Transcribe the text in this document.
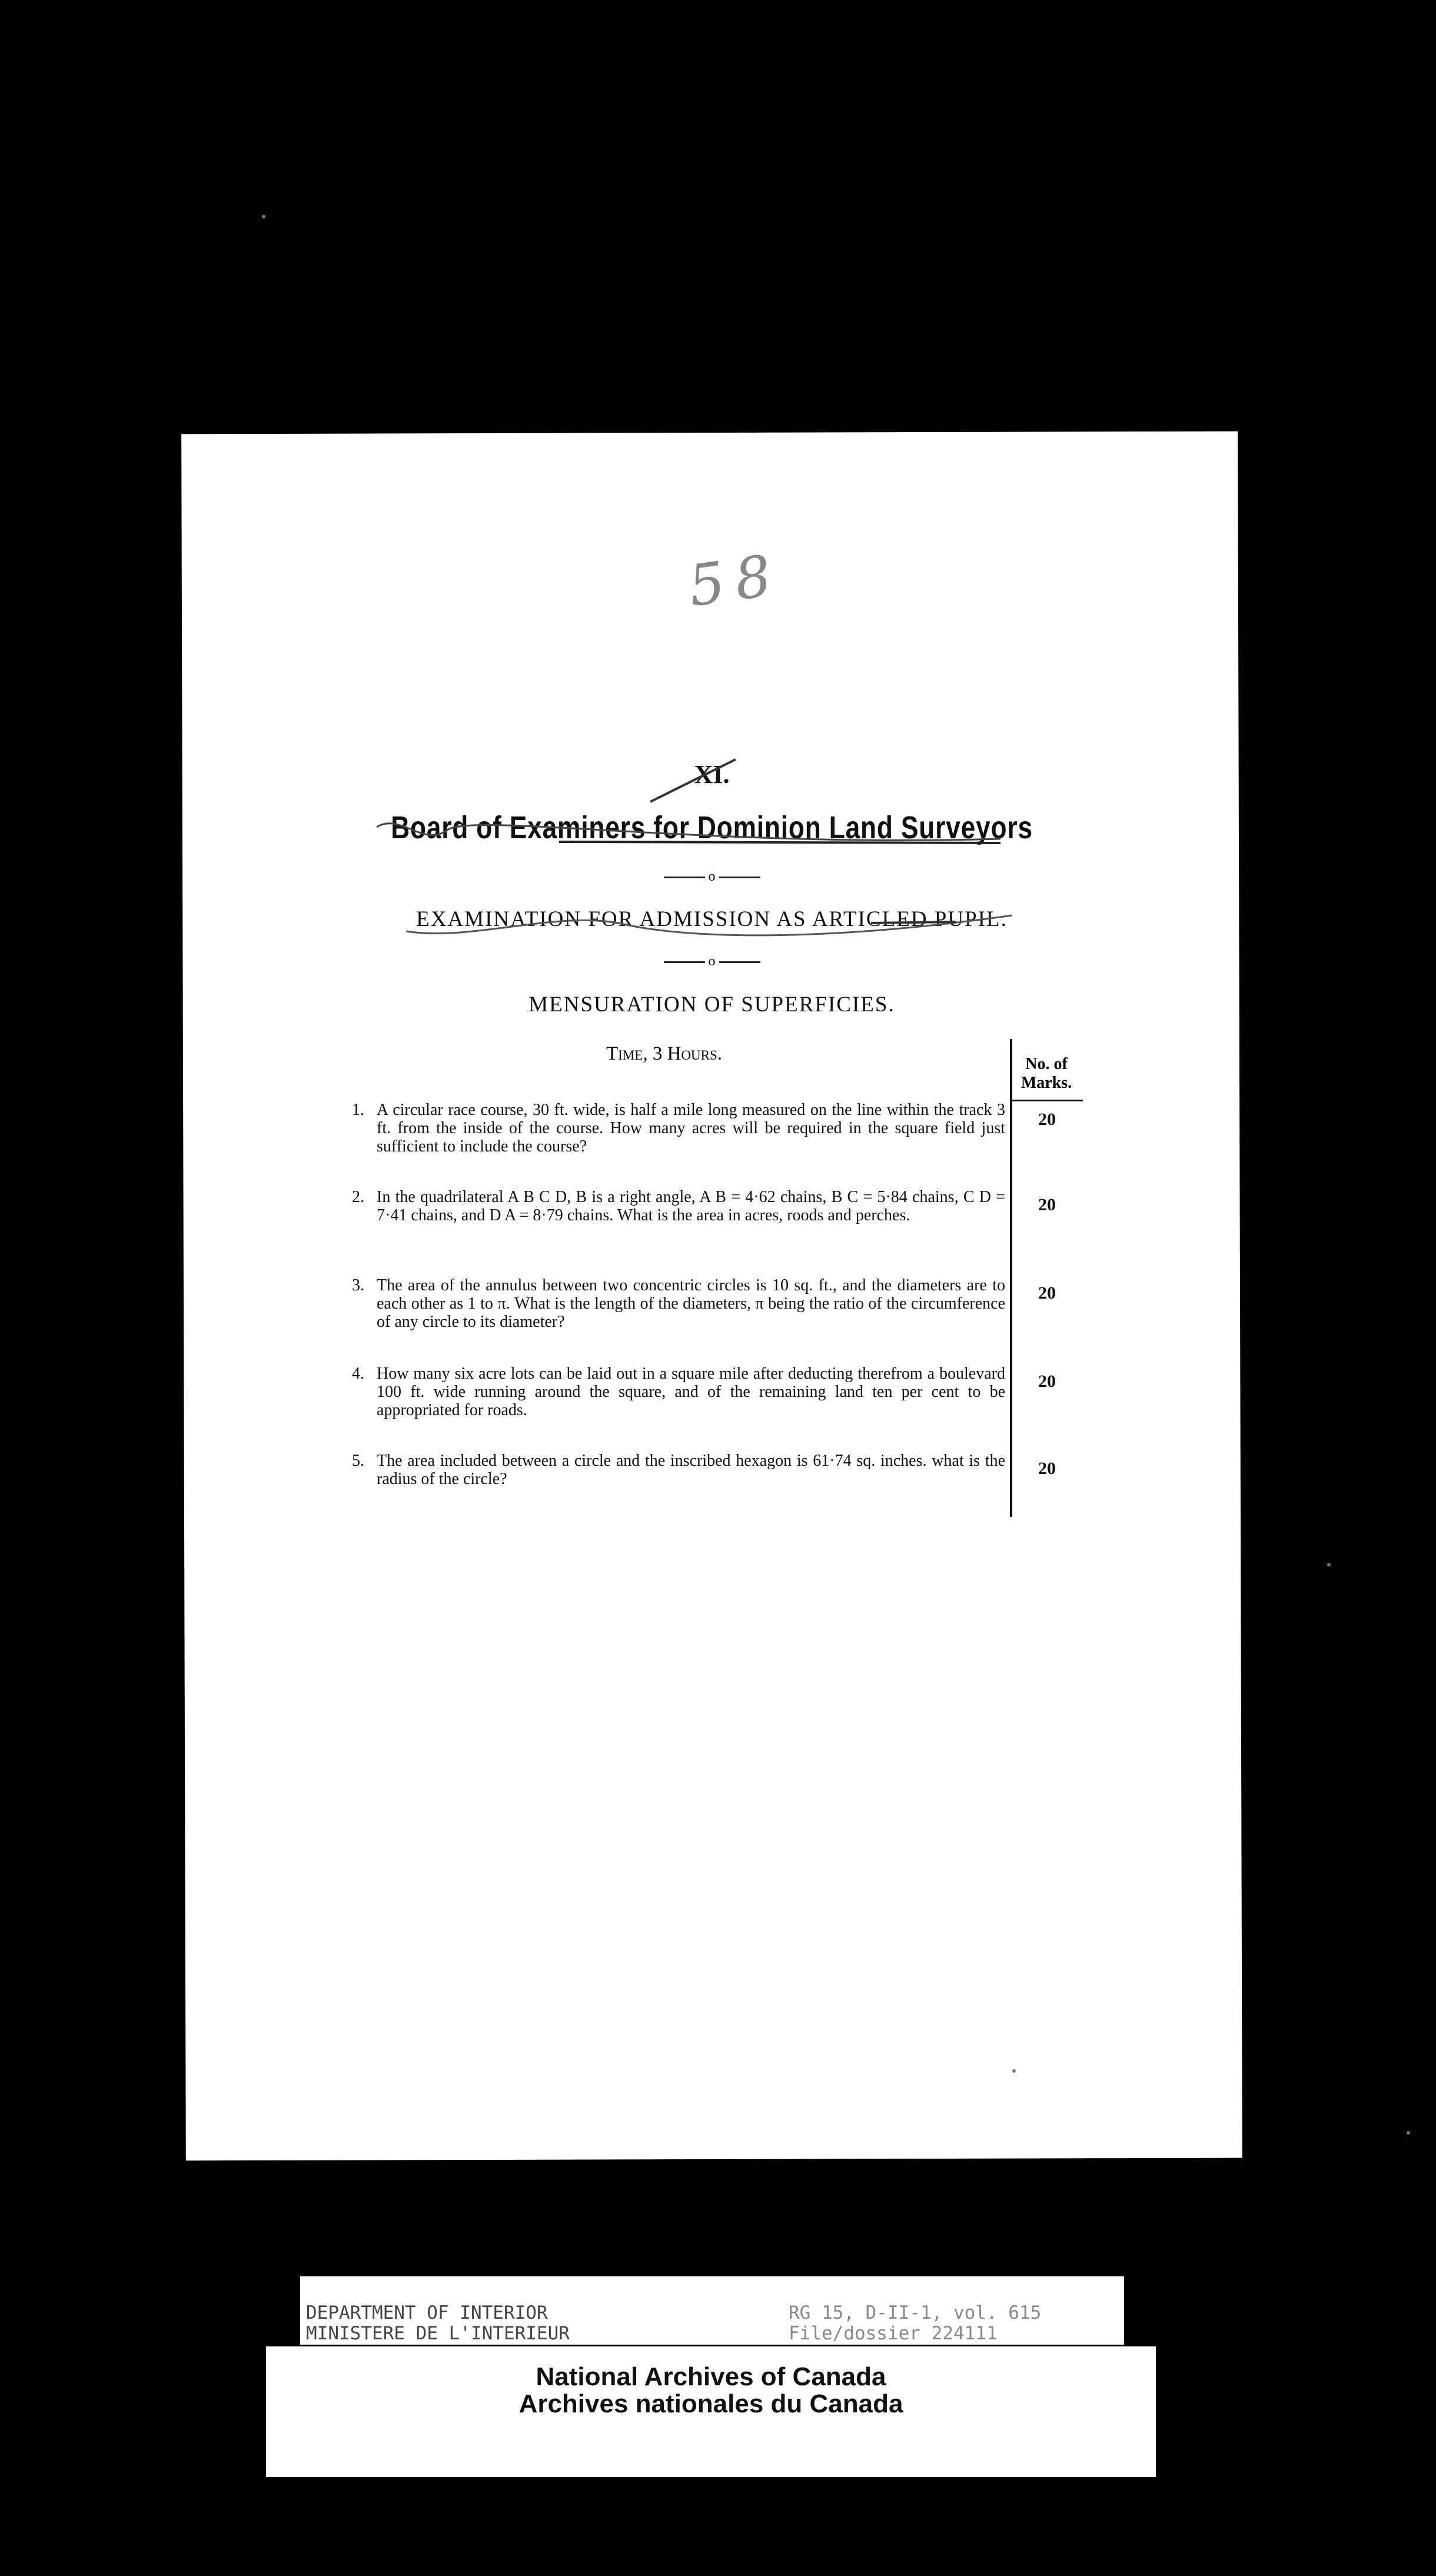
58
XI.
Board of Examiners for Dominion Land Surveyors
o
EXAMINATION FOR ADMISSION AS ARTICLED PUPIL.
o
MENSURATION OF SUPERFICIES.
Time, 3 Hours.	No. of
Marks.
1. A circular race course, 30 ft. wide, is half a mile long measured on the line within the track 3 ft. from the inside of the course. How many acres will be required in the square field just sufficient to include the course?
20
2. In the quadrilateral A B C D, B is a right angle, A B = 4·62 chains, B C = 5·84 chains, C D = 7·41 chains, and D A = 8·79 chains. What is the area in acres, roods and perches.
20
3. The area of the annulus between two concentric circles is 10 sq. ft., and the diameters are to each other as 1 to π. What is the length of the diameters, π being the ratio of the circumference of any circle to its diameter?
20
4. How many six acre lots can be laid out in a square mile after deducting therefrom a boulevard 100 ft. wide running around the square, and of the remaining land ten per cent to be appropriated for roads.
20
5. The area included between a circle and the inscribed hexagon is 61·74 sq. inches. what is the radius of the circle?
20
DEPARTMENT OF INTERIOR
MINISTERE DE L'INTERIEUR
RG 15, D-II-1, vol. 615
File/dossier 224111
National Archives of Canada
Archives nationales du Canada
